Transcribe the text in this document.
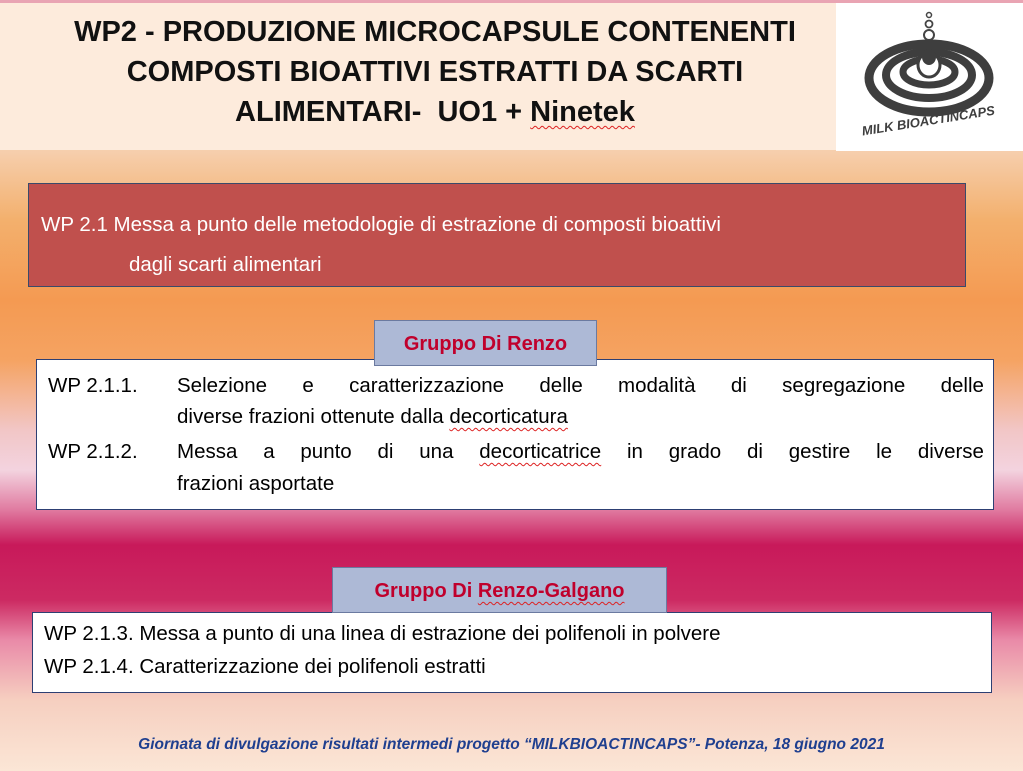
WP2 - PRODUZIONE MICROCAPSULE CONTENENTI
COMPOSTI BIOATTIVI ESTRATTI DA SCARTI
ALIMENTARI-  UO1 + Ninetek	MILK BIOACTINCAPS
WP 2.1 Messa a punto delle metodologie di estrazione di composti bioattivi
dagli scarti alimentari
WP 2.1.1. Selezione e caratterizzazione delle modalità di segregazione delle
diverse frazioni ottenute dalla decorticatura
WP 2.1.2. Messa a punto di una decorticatrice in grado di gestire le diverse
frazioni asportate
Gruppo Di Renzo
WP 2.1.3. Messa a punto di una linea di estrazione dei polifenoli in polvere
WP 2.1.4. Caratterizzazione dei polifenoli estratti
Gruppo Di Renzo-Galgano
Giornata di divulgazione risultati intermedi progetto “MILKBIOACTINCAPS”- Potenza, 18 giugno 2021
